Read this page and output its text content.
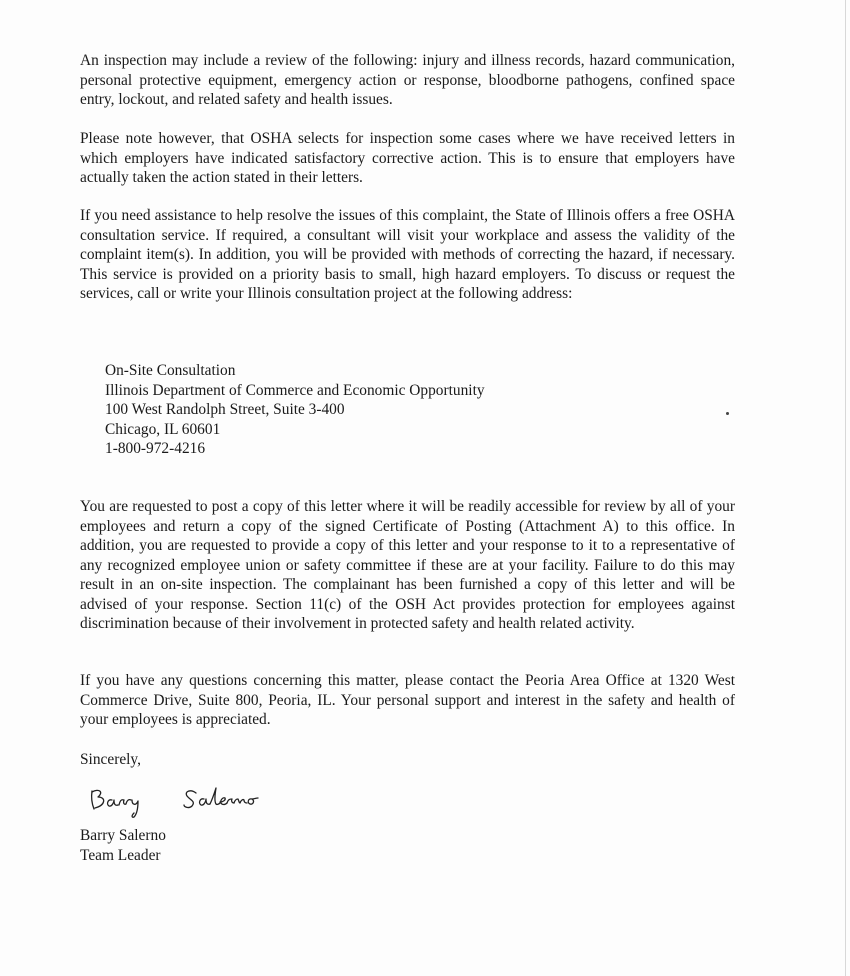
An inspection may include a review of the following: injury and illness records, hazard communication, personal protective equipment, emergency action or response, bloodborne pathogens, confined space entry, lockout, and related safety and health issues.

Please note however, that OSHA selects for inspection some cases where we have received letters in which employers have indicated satisfactory corrective action. This is to ensure that employers have actually taken the action stated in their letters.

If you need assistance to help resolve the issues of this complaint, the State of Illinois offers a free OSHA consultation service. If required, a consultant will visit your workplace and assess the validity of the complaint item(s). In addition, you will be provided with methods of correcting the hazard, if necessary. This service is provided on a priority basis to small, high hazard employers. To discuss or request the services, call or write your Illinois consultation project at the following address:

On-Site Consultation
Illinois Department of Commerce and Economic Opportunity
100 West Randolph Street, Suite 3-400
Chicago, IL 60601
1-800-972-4216

You are requested to post a copy of this letter where it will be readily accessible for review by all of your employees and return a copy of the signed Certificate of Posting (Attachment A) to this office. In addition, you are requested to provide a copy of this letter and your response to it to a representative of any recognized employee union or safety committee if these are at your facility. Failure to do this may result in an on-site inspection. The complainant has been furnished a copy of this letter and will be advised of your response. Section 11(c) of the OSH Act provides protection for employees against discrimination because of their involvement in protected safety and health related activity.

If you have any questions concerning this matter, please contact the Peoria Area Office at 1320 West Commerce Drive, Suite 800, Peoria, IL. Your personal support and interest in the safety and health of your employees is appreciated.

Sincerely,
Barry Salerno
Team Leader
